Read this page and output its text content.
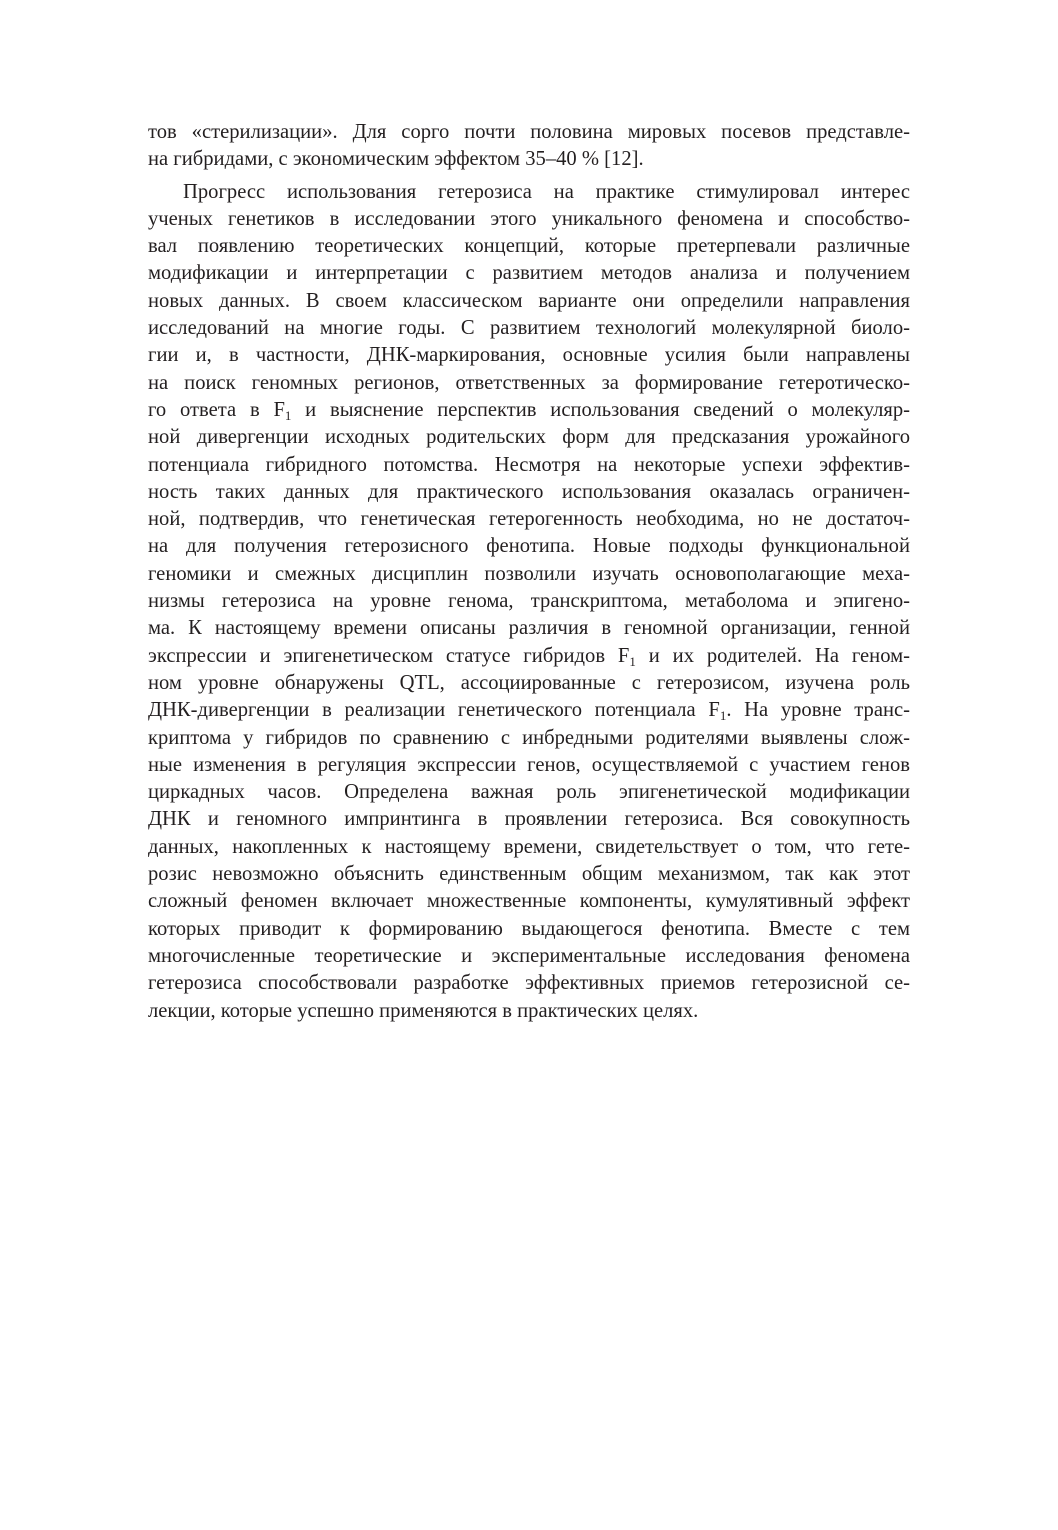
тов «стерилизации». Для сорго почти половина мировых посевов представле-
на гибридами, с экономическим эффектом 35–40 % [12].
Прогресс использования гетерозиса на практике стимулировал интерес
ученых генетиков в исследовании этого уникального феномена и способство-
вал появлению теоретических концепций, которые претерпевали различные
модификации и интерпретации с развитием методов анализа и получением
новых данных. В своем классическом варианте они определили направления
исследований на многие годы. С развитием технологий молекулярной биоло-
гии и, в частности, ДНК-маркирования, основные усилия были направлены
на поиск геномных регионов, ответственных за формирование гетеротическо-
го ответа в $F_1$ и выяснение перспектив использования сведений о молекуляр-
ной дивергенции исходных родительских форм для предсказания урожайного
потенциала гибридного потомства. Несмотря на некоторые успехи эффектив-
ность таких данных для практического использования оказалась ограничен-
ной, подтвердив, что генетическая гетерогенность необходима, но не достаточ-
на для получения гетерозисного фенотипа. Новые подходы функциональной
геномики и смежных дисциплин позволили изучать основополагающие меха-
низмы гетерозиса на уровне генома, транскриптома, метаболома и эпигено-
ма. К настоящему времени описаны различия в геномной организации, генной
экспрессии и эпигенетическом статусе гибридов $F_1$ и их родителей. На геном-
ном уровне обнаружены QTL, ассоциированные с гетерозисом, изучена роль
ДНК-дивергенции в реализации генетического потенциала $F_1$. На уровне транс-
криптома у гибридов по сравнению с инбредными родителями выявлены слож-
ные изменения в регуляция экспрессии генов, осуществляемой с участием генов
циркадных часов. Определена важная роль эпигенетической модификации
ДНК и геномного импринтинга в проявлении гетерозиса. Вся совокупность
данных, накопленных к настоящему времени, свидетельствует о том, что гете-
розис невозможно объяснить единственным общим механизмом, так как этот
сложный феномен включает множественные компоненты, кумулятивный эффект
которых приводит к формированию выдающегося фенотипа. Вместе с тем
многочисленные теоретические и экспериментальные исследования феномена
гетерозиса способствовали разработке эффективных приемов гетерозисной се-
лекции, которые успешно применяются в практических целях.
